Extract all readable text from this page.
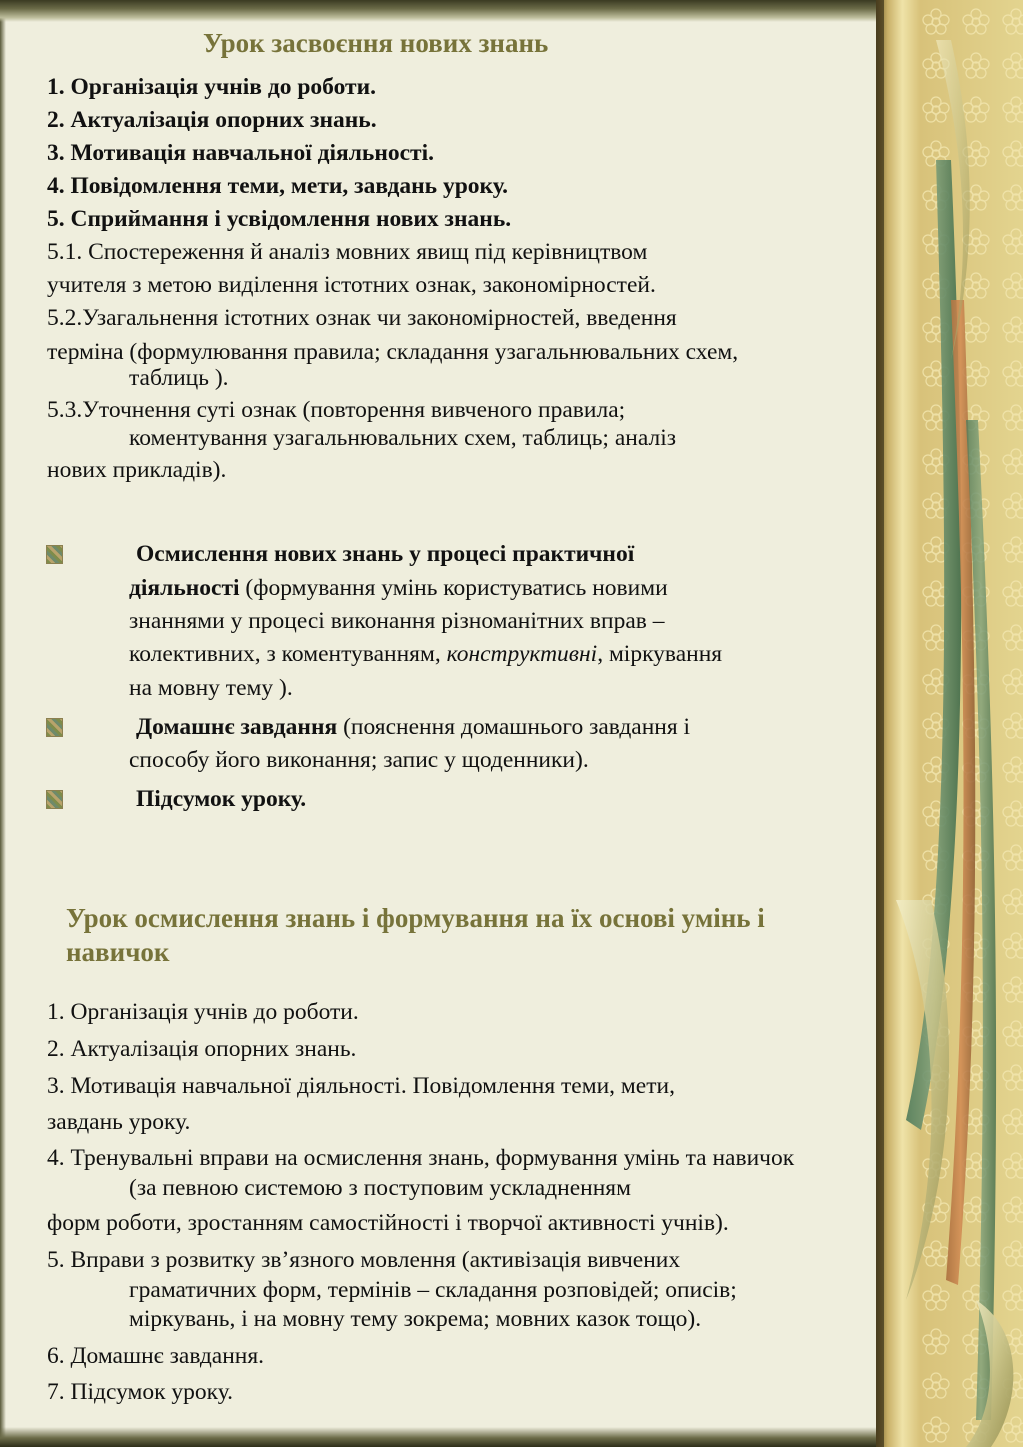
Урок засвоєння нових знань

1. Організація учнів до роботи.

2. Актуалізація опорних знань.

3. Мотивація навчальної діяльності.

4. Повідомлення теми, мети, завдань уроку.

5. Сприймання і усвідомлення нових знань.

5.1. Спостереження й аналіз мовних явищ під керівництвом

учителя з метою виділення істотних ознак, закономірностей.

5.2.Узагальнення істотних ознак чи закономірностей, введення

терміна (формулювання правила; складання узагальнювальних схем,

таблиць ).

5.3.Уточнення суті ознак (повторення вивченого правила;

коментування узагальнювальних схем, таблиць; аналіз

нових прикладів).

Осмислення нових знань у процесі практичної

діяльності (формування умінь користуватись новими

знаннями у процесі виконання різноманітних вправ –

колективних, з коментуванням, конструктивні, міркування

на мовну тему ).

Домашнє завдання (пояснення домашнього завдання і

способу його виконання; запис у щоденники).

Підсумок уроку.

Урок осмислення знань і формування на їх основі умінь і навичок

1. Організація учнів до роботи.

2. Актуалізація опорних знань.

3. Мотивація навчальної діяльності. Повідомлення теми, мети,

завдань уроку.

4. Тренувальні вправи на осмислення знань, формування умінь та навичок

(за певною системою з поступовим ускладненням

форм роботи, зростанням самостійності і творчої активності учнів).

5. Вправи з розвитку зв’язного мовлення (активізація вивчених

граматичних форм, термінів – складання розповідей; описів;

міркувань, і на мовну тему зокрема; мовних казок тощо).

6. Домашнє завдання.

7. Підсумок уроку.
